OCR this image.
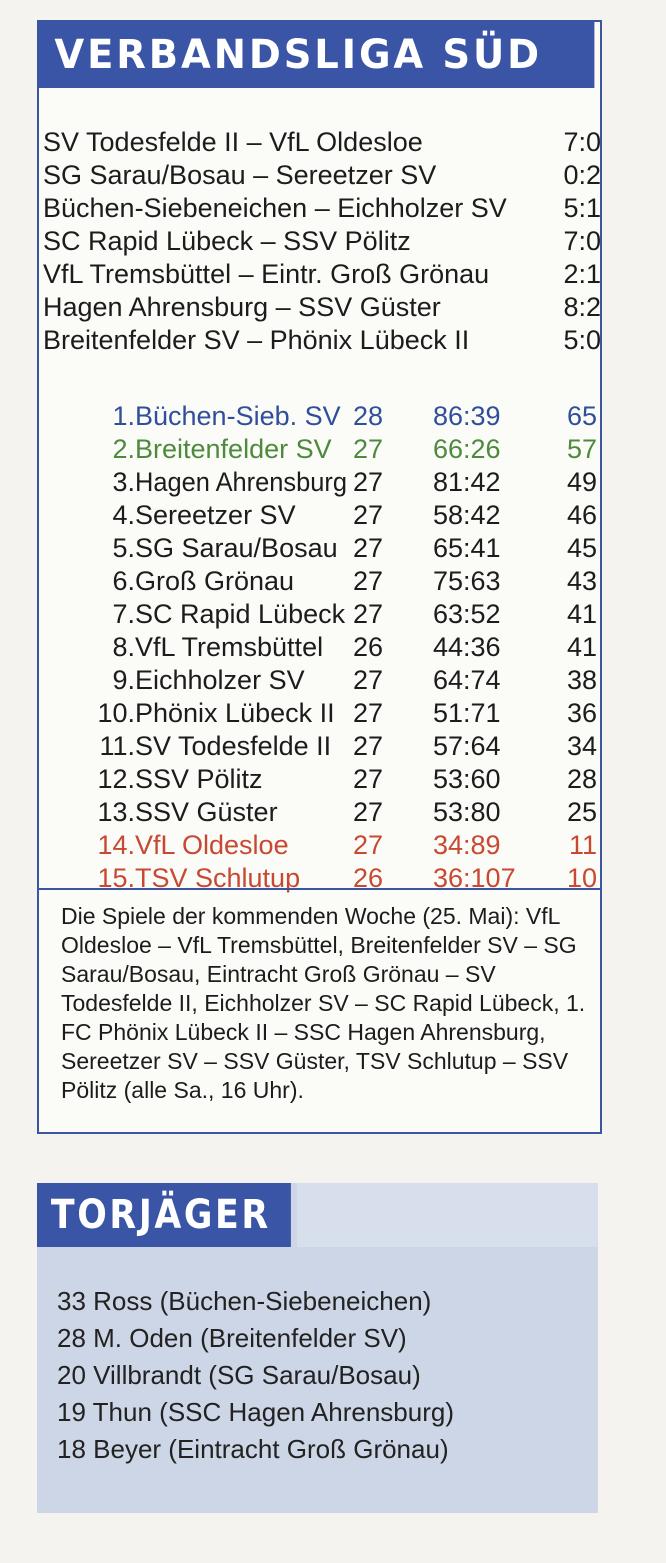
VERBANDSLIGA SÜD
SV Todesfelde II – VfL Oldesloe	7:0
SG Sarau/Bosau – Sereetzer SV	0:2
Büchen-Siebeneichen – Eichholzer SV 5:1
SC Rapid Lübeck – SSV Pölitz	7:0
VfL Tremsbüttel – Eintr. Groß Grönau	2:1
Hagen Ahrensburg – SSV Güster	8:2
Breitenfelder SV – Phönix Lübeck II	5:0
1. Büchen-Sieb. SV 28 86:39 65
2. Breitenfelder SV 27 66:26 57
3. Hagen Ahrensburg 27 81:42 49
4. Sereetzer SV 27 58:42 46
5. SG Sarau/Bosau 27 65:41 45
6. Groß Grönau 27 75:63 43
7. SC Rapid Lübeck 27 63:52 41
8. VfL Tremsbüttel 26 44:36 41
9. Eichholzer SV 27 64:74 38
10. Phönix Lübeck II 27 51:71 36
11. SV Todesfelde II 27 57:64 34
12. SSV Pölitz	27 53:60 28
13. SSV Güster	27 53:80 25
14. VfL Oldesloe 27 34:89	11
15. TSV Schlutup 26 36:107 10
Die Spiele der kommenden Woche (25. Mai): VfL Oldesloe – VfL Tremsbüttel, Breitenfelder SV – SG Sarau/Bosau, Eintracht Groß Grönau – SV Todesfelde II, Eichholzer SV – SC Rapid Lübeck, 1. FC Phönix Lübeck II – SSC Hagen Ahrensburg, Sereetzer SV – SSV Güster, TSV Schlutup – SSV Pölitz (alle Sa., 16 Uhr).
TORJÄGER
33 Ross (Büchen-Siebeneichen)
28 M. Oden (Breitenfelder SV)
20 Villbrandt (SG Sarau/Bosau)
19 Thun (SSC Hagen Ahrensburg)
18 Beyer (Eintracht Groß Grönau)
